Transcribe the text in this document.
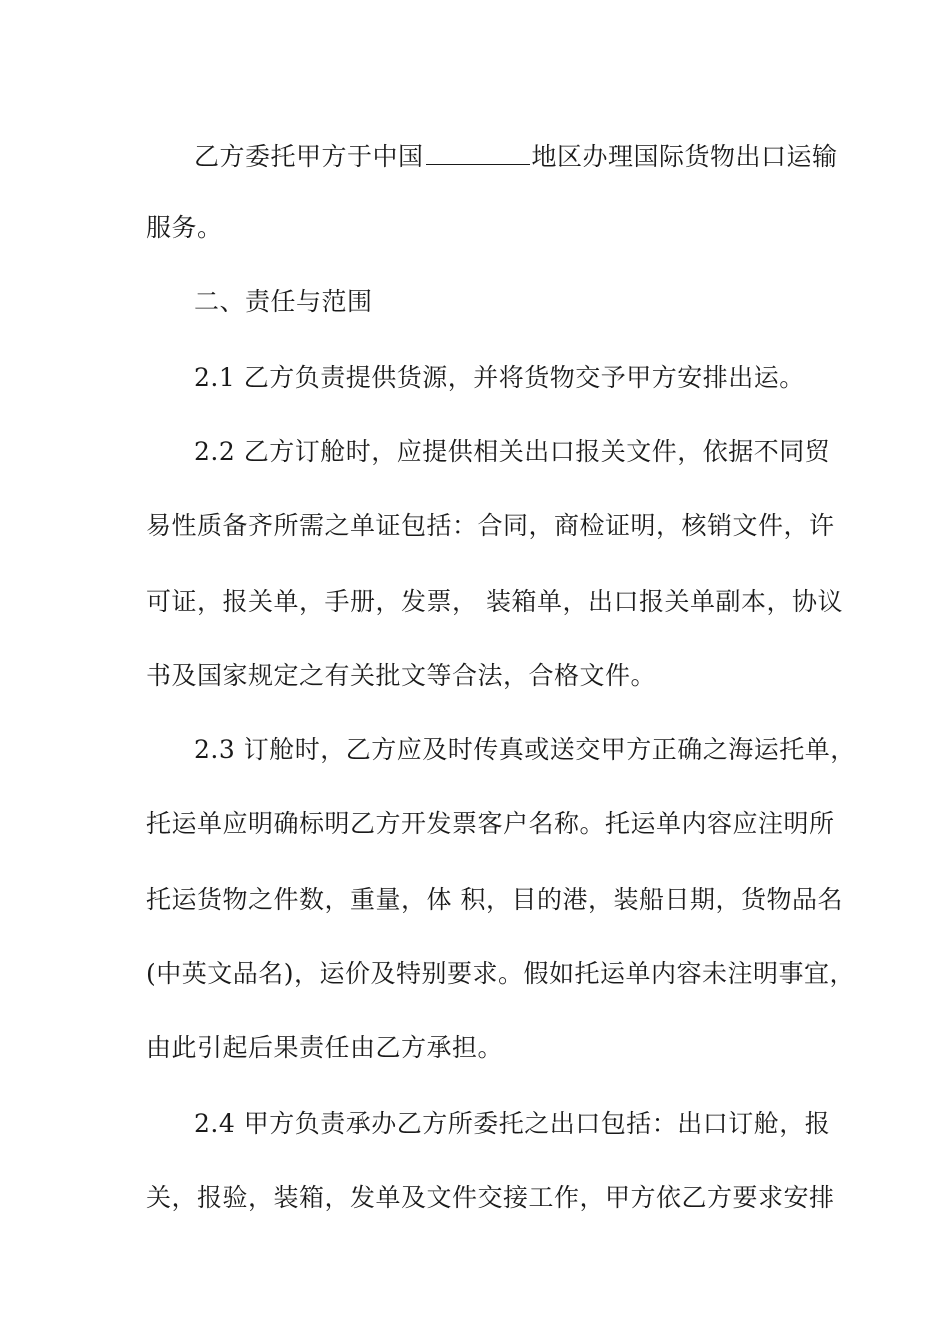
乙方委托甲方于中国	地区办理国际货物出口运输
服务。
二、责任与范围
2.1 乙方负责提供货源，并将货物交予甲方安排出运。
2.2 乙方订舱时，应提供相关出口报关文件，依据不同贸
易性质备齐所需之单证包括：合同，商检证明，核销文件，许
可证，报关单，手册，发票， 装箱单，出口报关单副本，协议
书及国家规定之有关批文等合法，合格文件。
2.3 订舱时，乙方应及时传真或送交甲方正确之海运托单，
托运单应明确标明乙方开发票客户名称。托运单内容应注明所
托运货物之件数，重量，体 积，目的港，装船日期，货物品名
(中英文品名)，运价及特别要求。假如托运单内容未注明事宜，
由此引起后果责任由乙方承担。
2.4 甲方负责承办乙方所委托之出口包括：出口订舱，报
关，报验，装箱，发单及文件交接工作，甲方依乙方要求安排
